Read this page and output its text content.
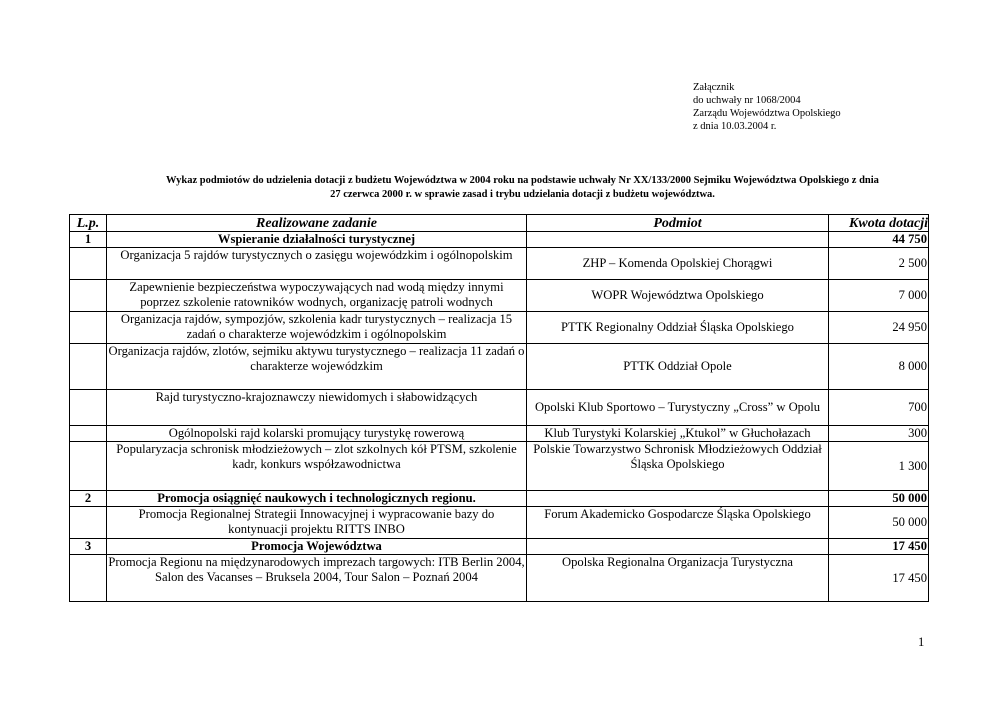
Załącznik
do uchwały nr 1068/2004
Zarządu Województwa Opolskiego
z dnia 10.03.2004 r.
Wykaz podmiotów do udzielenia dotacji z budżetu Województwa w 2004 roku na podstawie uchwały Nr XX/133/2000 Sejmiku Województwa Opolskiego z dnia
27 czerwca 2000 r. w sprawie zasad i trybu udzielania dotacji z budżetu województwa.
L.p.	Realizowane zadanie	Podmiot	Kwota dotacji
1	Wspieranie działalności turystycznej		44 750
	Organizacja 5 rajdów turystycznych o zasięgu wojewódzkim i ogólnopolskim	ZHP – Komenda Opolskiej Chorągwi	2 500
	Zapewnienie bezpieczeństwa wypoczywających nad wodą między innymi poprzez szkolenie ratowników wodnych, organizację patroli wodnych	WOPR Województwa Opolskiego	7 000
	Organizacja rajdów, sympozjów, szkolenia kadr turystycznych – realizacja 15 zadań o charakterze wojewódzkim i ogólnopolskim	PTTK Regionalny Oddział Śląska Opolskiego	24 950
	Organizacja rajdów, zlotów, sejmiku aktywu turystycznego – realizacja 11 zadań o charakterze wojewódzkim	PTTK Oddział Opole	8 000
	Rajd turystyczno-krajoznawczy niewidomych i słabowidzących	Opolski Klub Sportowo – Turystyczny „Cross” w Opolu	700
	Ogólnopolski rajd kolarski promujący turystykę rowerową	Klub Turystyki Kolarskiej „Ktukol” w Głuchołazach	300
	Popularyzacja schronisk młodzieżowych – zlot szkolnych kół PTSM, szkolenie kadr, konkurs współzawodnictwa	Polskie Towarzystwo Schronisk Młodzieżowych Oddział Śląska Opolskiego	1 300
2	Promocja osiągnięć naukowych i technologicznych regionu.		50 000
	Promocja Regionalnej Strategii Innowacyjnej i wypracowanie bazy do kontynuacji projektu RITTS INBO	Forum Akademicko Gospodarcze Śląska Opolskiego	50 000
3	Promocja Województwa		17 450
	Promocja Regionu na międzynarodowych imprezach targowych: ITB Berlin 2004, Salon des Vacanses – Bruksela 2004, Tour Salon – Poznań 2004	Opolska Regionalna Organizacja Turystyczna	17 450
1
